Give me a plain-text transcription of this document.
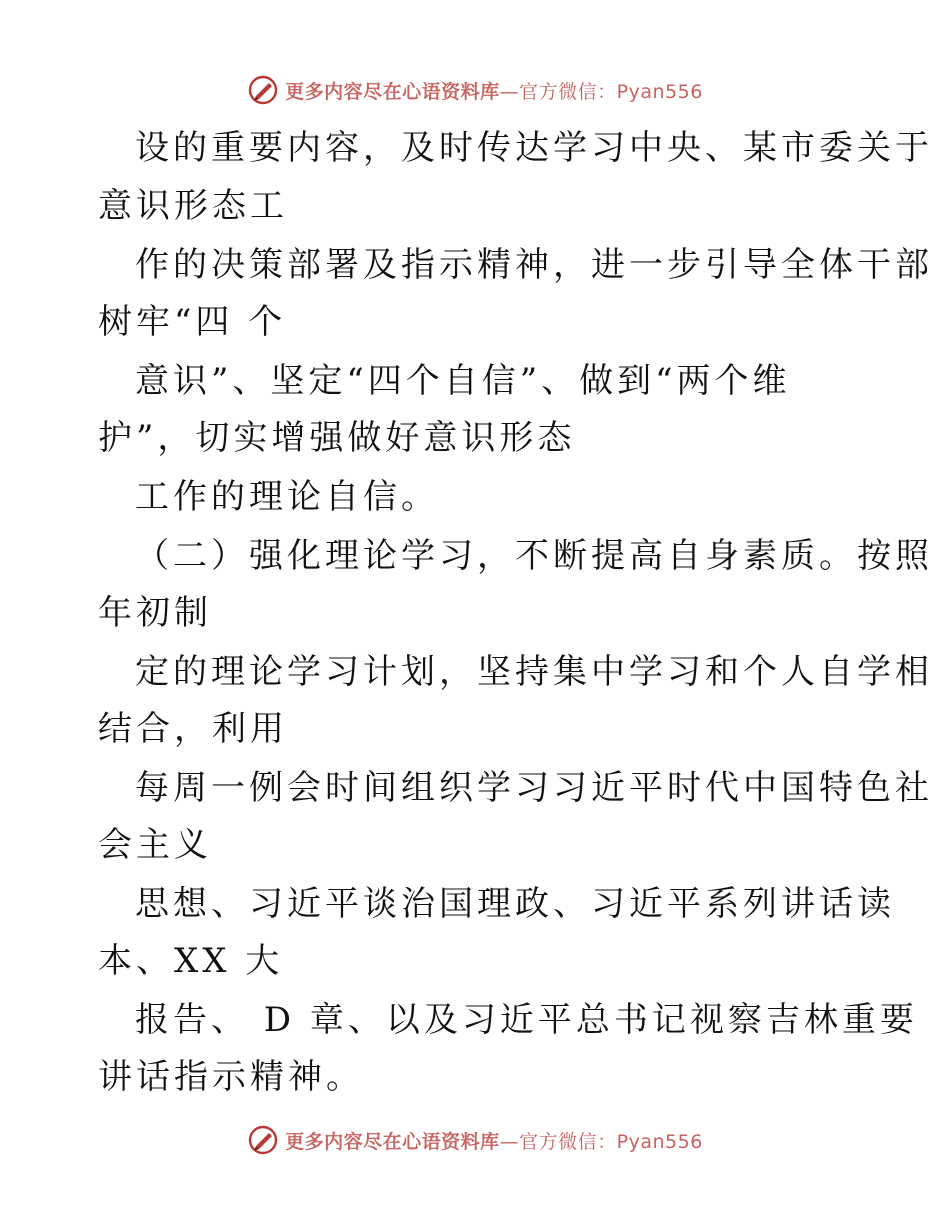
更多内容尽在心语资料库—官方微信：Pyan556
设的重要内容，及时传达学习中央、某市委关于
意识形态工
作的决策部署及指示精神，进一步引导全体干部
树牢“四 个
意识”、坚定“四个自信”、做到“两个维
护”，切实增强做好意识形态
工作的理论自信。
（二）强化理论学习，不断提高自身素质。按照
年初制
定的理论学习计划，坚持集中学习和个人自学相
结合，利用
每周一例会时间组织学习习近平时代中国特色社
会主义
思想、习近平谈治国理政、习近平系列讲话读
本、XX 大
报告、 D 章、以及习近平总书记视察吉林重要
讲话指示精神。
更多内容尽在心语资料库—官方微信：Pyan556
